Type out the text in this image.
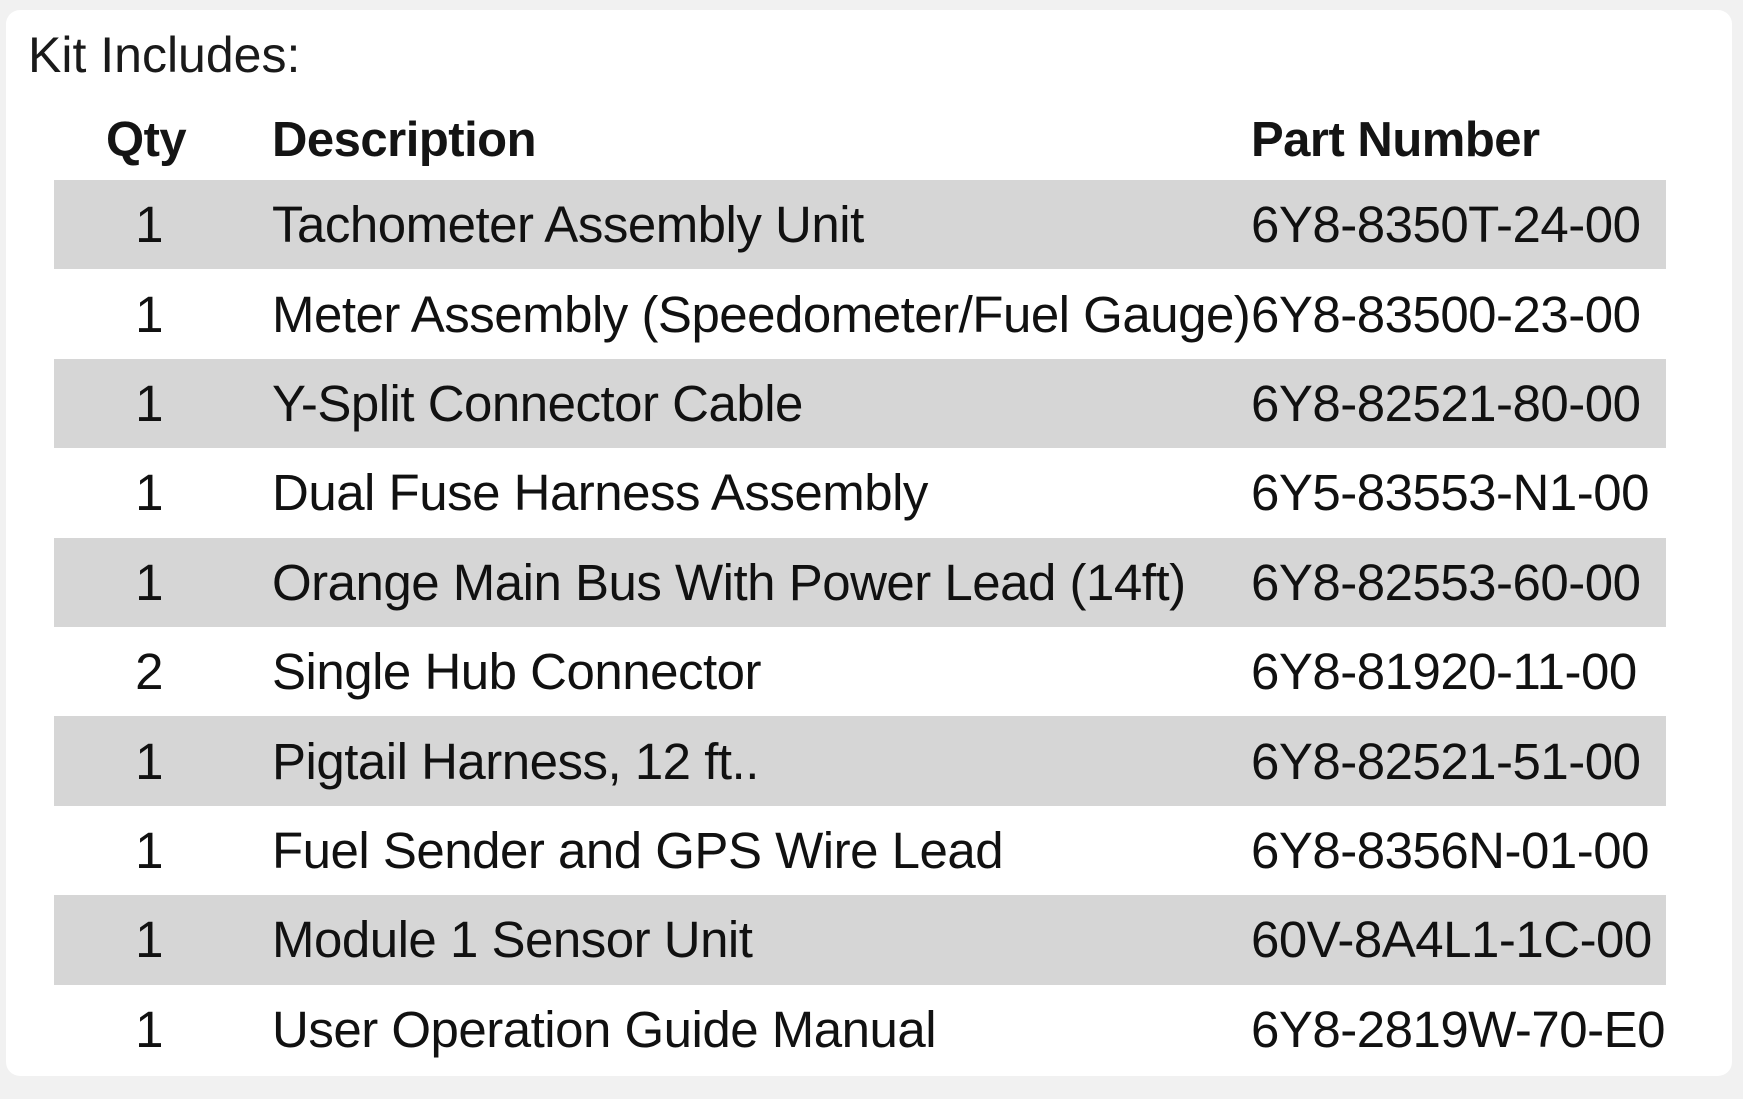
Kit Includes:
Qty Description	Part Number
1	Tachometer Assembly Unit	6Y8-8350T-24-00
1	Meter Assembly (Speedometer/Fuel Gauge) 6Y8-83500-23-00
1	Y-Split Connector Cable	6Y8-82521-80-00
1	Dual Fuse Harness Assembly	6Y5-83553-N1-00
1	Orange Main Bus With Power Lead (14ft) 6Y8-82553-60-00
2	Single Hub Connector	6Y8-81920-11-00
1	Pigtail Harness, 12 ft..	6Y8-82521-51-00
1	Fuel Sender and GPS Wire Lead	6Y8-8356N-01-00
1	Module 1 Sensor Unit	60V-8A4L1-1C-00
1	User Operation Guide Manual	6Y8-2819W-70-E0
